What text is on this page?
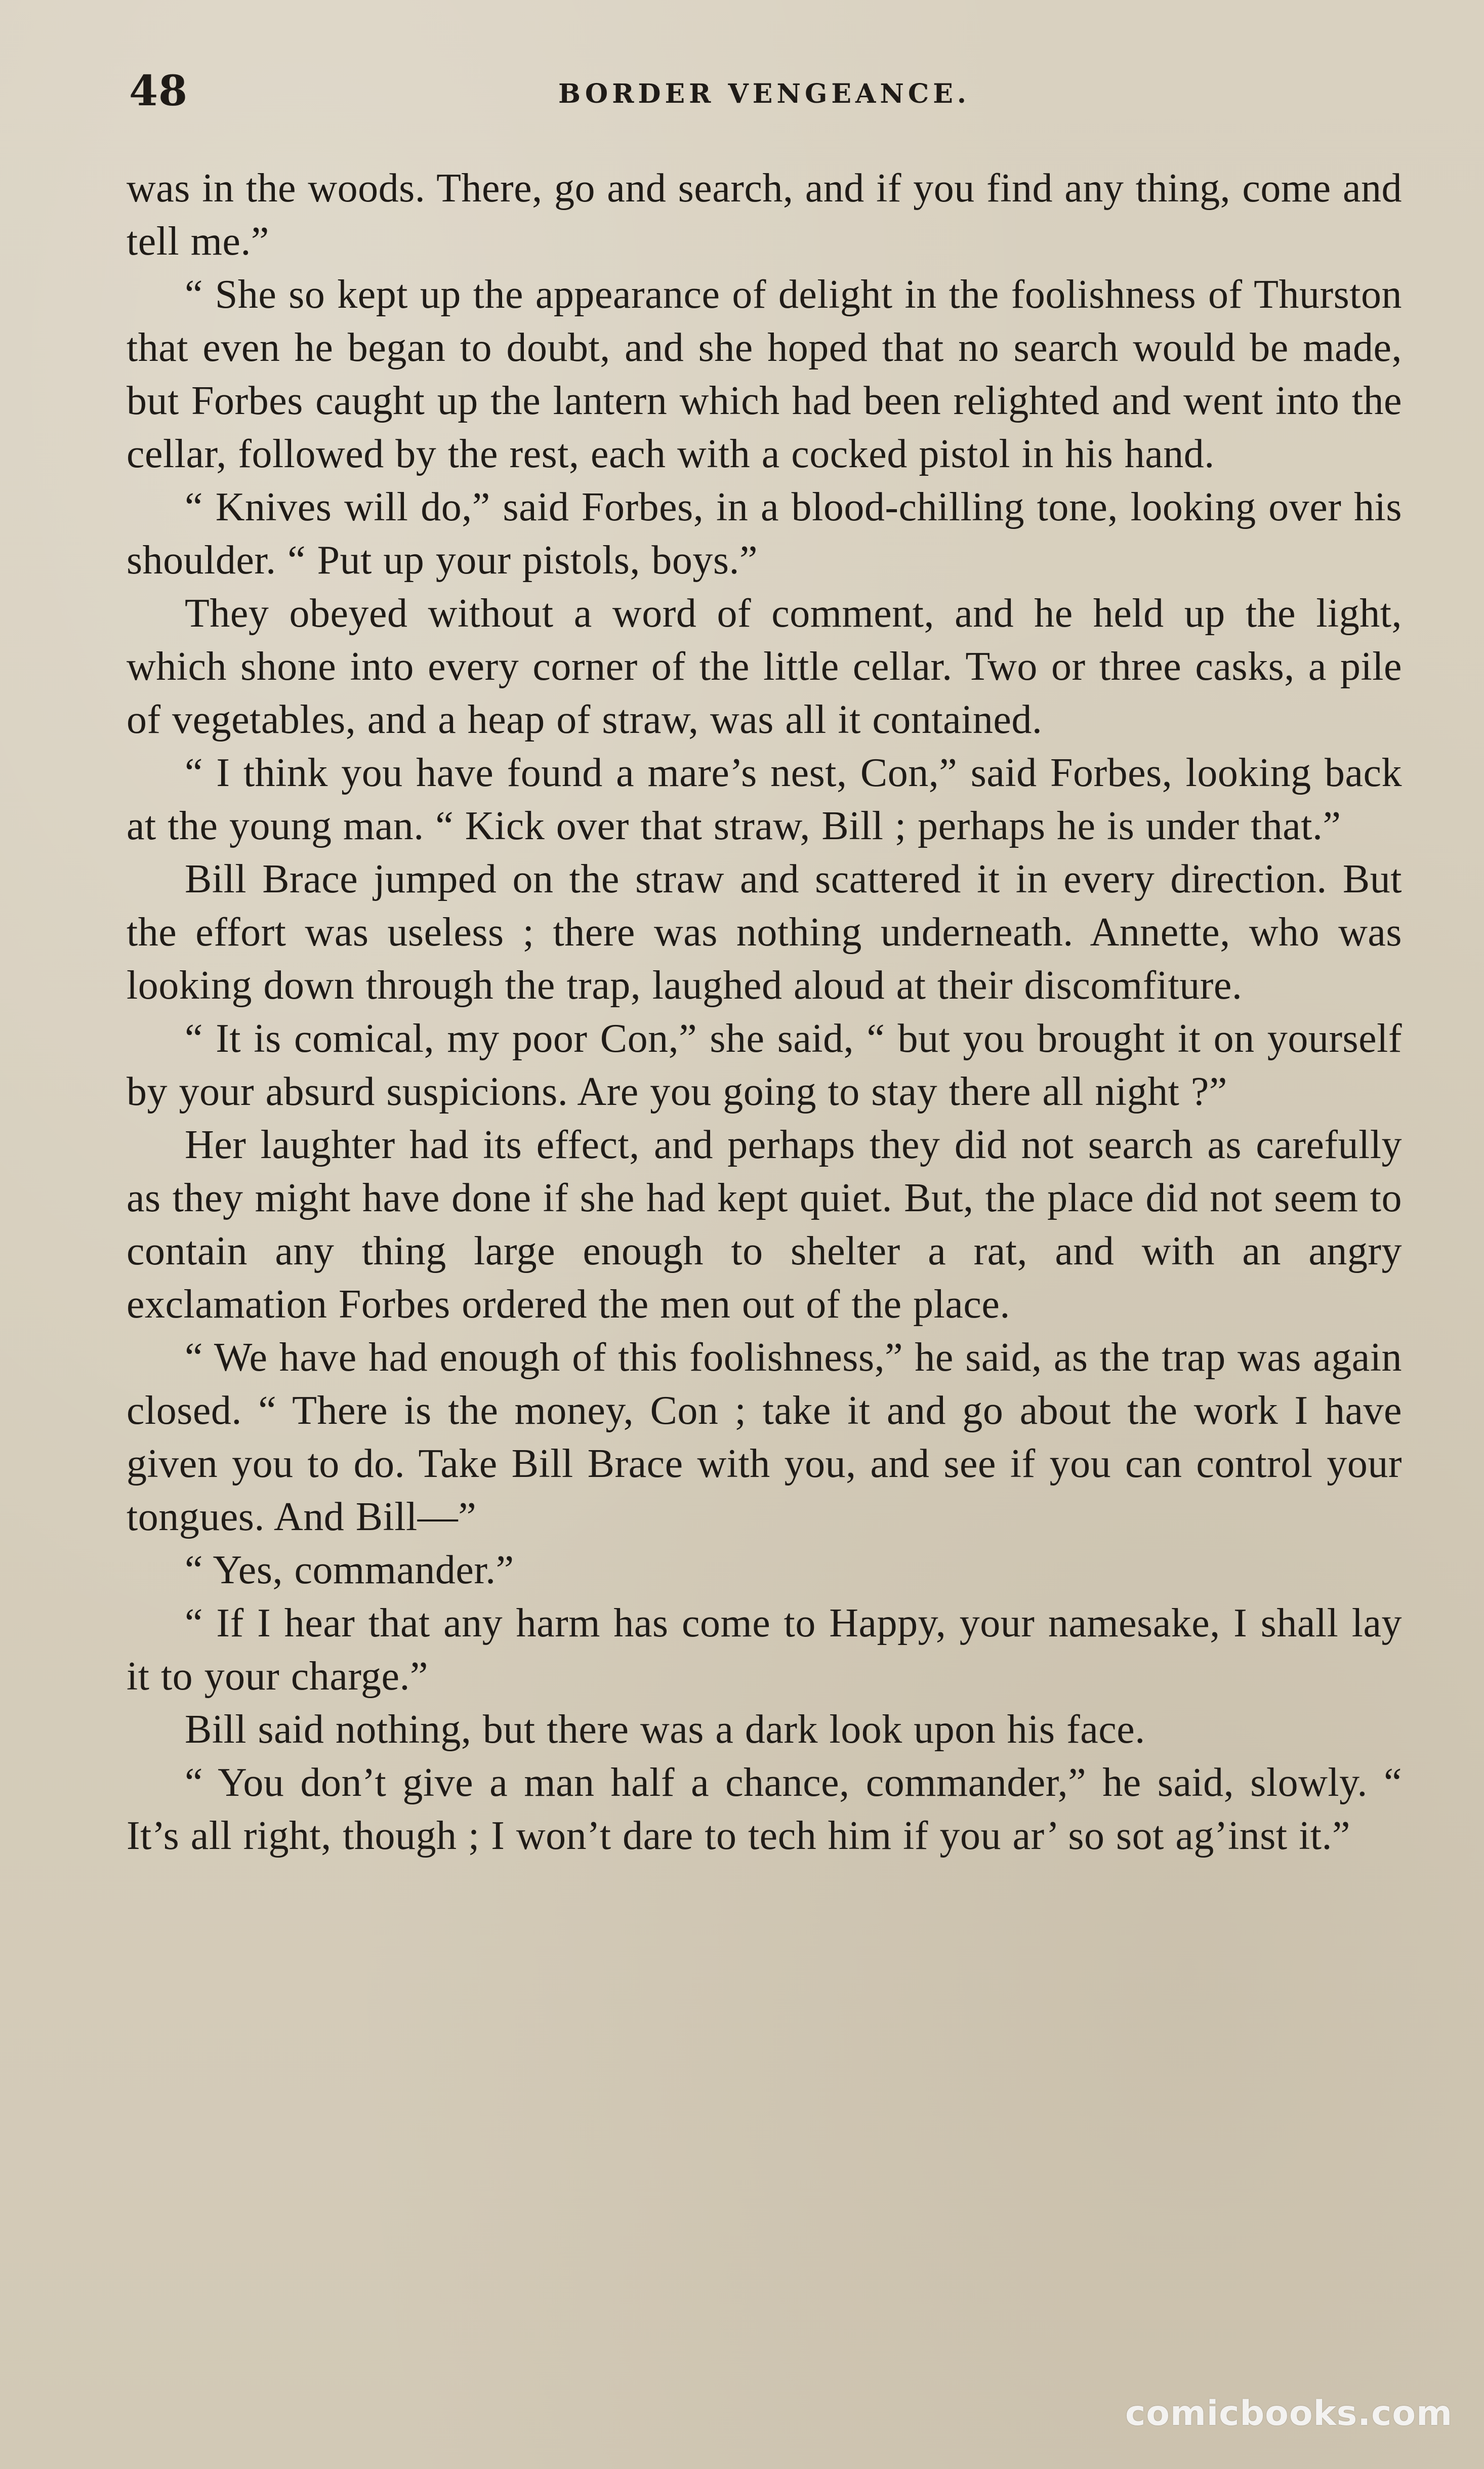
48	BORDER VENGEANCE.

was in the woods. There, go and search, and if you find any thing, come and tell me.”

“ She so kept up the appearance of delight in the foolishness of Thurston that even he began to doubt, and she hoped that no search would be made, but Forbes caught up the lantern which had been relighted and went into the cellar, followed by the rest, each with a cocked pistol in his hand.

“ Knives will do,” said Forbes, in a blood-chilling tone, looking over his shoulder. “ Put up your pistols, boys.”

They obeyed without a word of comment, and he held up the light, which shone into every corner of the little cellar. Two or three casks, a pile of vegetables, and a heap of straw, was all it contained.

“ I think you have found a mare’s nest, Con,” said Forbes, looking back at the young man. “ Kick over that straw, Bill ; perhaps he is under that.”

Bill Brace jumped on the straw and scattered it in every direction. But the effort was useless ; there was nothing underneath. Annette, who was looking down through the trap, laughed aloud at their discomfiture.

“ It is comical, my poor Con,” she said, “ but you brought it on yourself by your absurd suspicions. Are you going to stay there all night ?”

Her laughter had its effect, and perhaps they did not search as carefully as they might have done if she had kept quiet. But, the place did not seem to contain any thing large enough to shelter a rat, and with an angry exclamation Forbes ordered the men out of the place.

“ We have had enough of this foolishness,” he said, as the trap was again closed. “ There is the money, Con ; take it and go about the work I have given you to do. Take Bill Brace with you, and see if you can control your tongues. And Bill—”

“ Yes, commander.”

“ If I hear that any harm has come to Happy, your namesake, I shall lay it to your charge.”

Bill said nothing, but there was a dark look upon his face.

“ You don’t give a man half a chance, commander,” he said, slowly. “ It’s all right, though ; I won’t dare to tech him if you ar’ so sot ag’inst it.”

comicbooks.com
